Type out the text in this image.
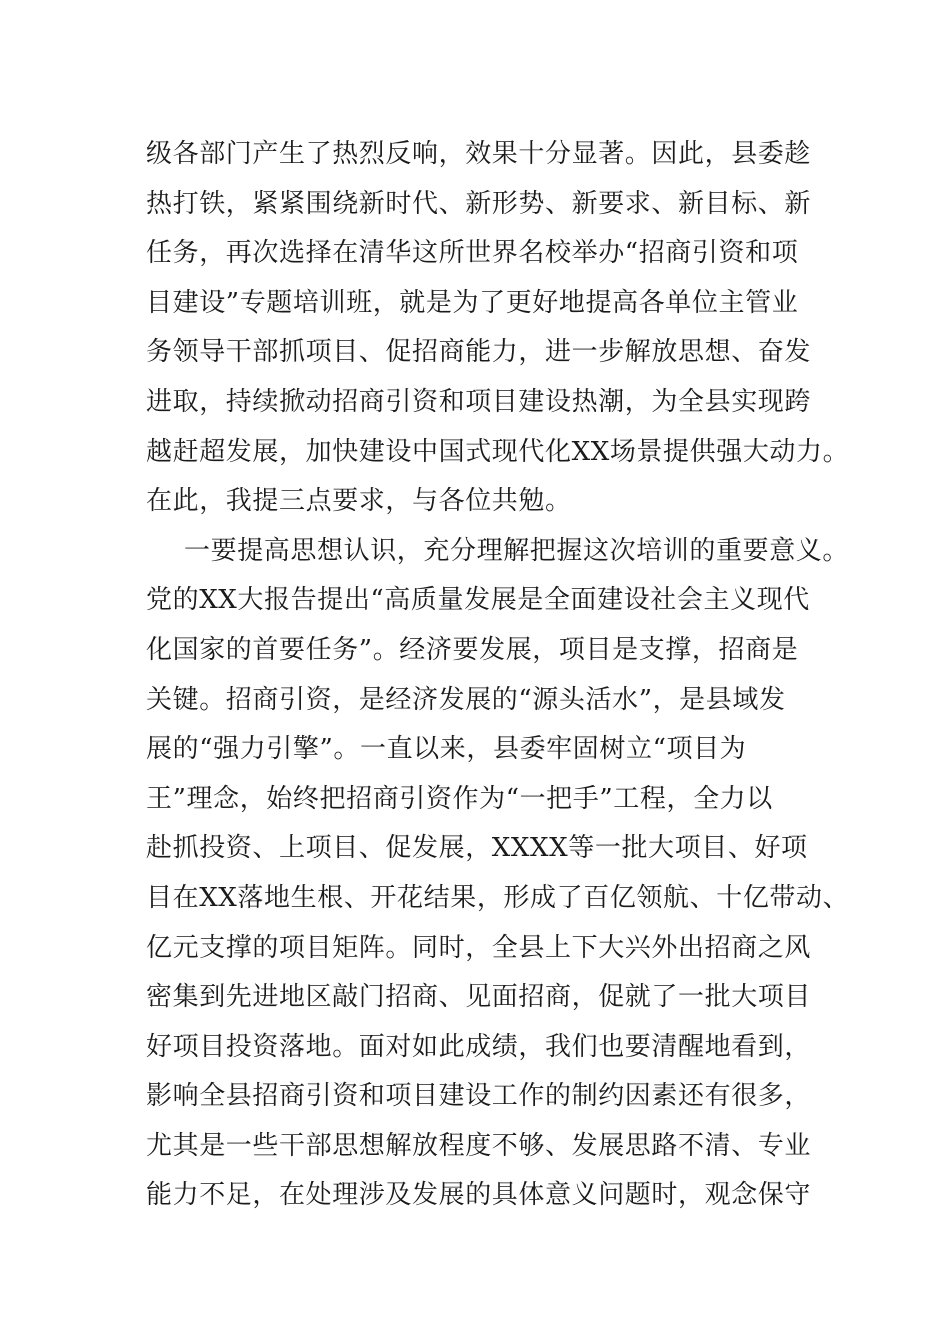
级各部门产生了热烈反响，效果十分显著。因此，县委趁
热打铁，紧紧围绕新时代、新形势、新要求、新目标、新
任务，再次选择在清华这所世界名校举办“招商引资和项
目建设”专题培训班，就是为了更好地提高各单位主管业
务领导干部抓项目、促招商能力，进一步解放思想、奋发
进取，持续掀动招商引资和项目建设热潮，为全县实现跨
越赶超发展，加快建设中国式现代化XX场景提供强大动力。
在此，我提三点要求，与各位共勉。
一要提高思想认识，充分理解把握这次培训的重要意义。
党的XX大报告提出“高质量发展是全面建设社会主义现代
化国家的首要任务”。经济要发展，项目是支撑，招商是
关键。招商引资，是经济发展的“源头活水”，是县域发
展的“强力引擎”。一直以来，县委牢固树立“项目为
王”理念，始终把招商引资作为“一把手”工程，全力以
赴抓投资、上项目、促发展，XXXX等一批大项目、好项
目在XX落地生根、开花结果，形成了百亿领航、十亿带动、
亿元支撑的项目矩阵。同时，全县上下大兴外出招商之风
密集到先进地区敲门招商、见面招商，促就了一批大项目
好项目投资落地。面对如此成绩，我们也要清醒地看到，
影响全县招商引资和项目建设工作的制约因素还有很多，
尤其是一些干部思想解放程度不够、发展思路不清、专业
能力不足，在处理涉及发展的具体意义问题时，观念保守
